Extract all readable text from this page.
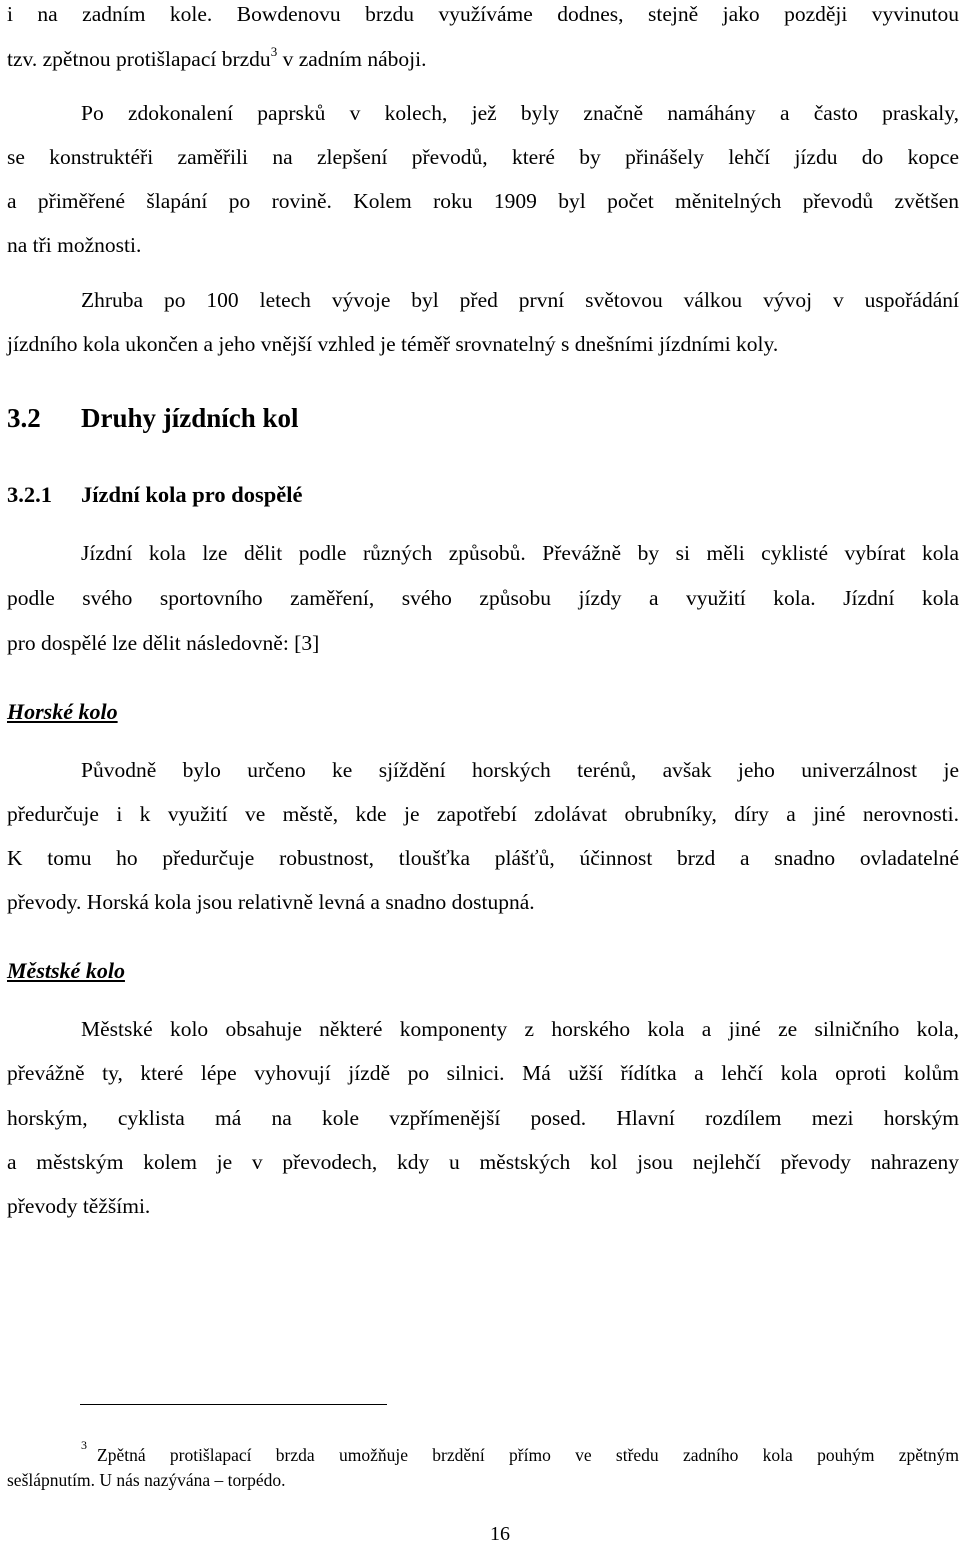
i na zadním kole. Bowdenovu brzdu využíváme dodnes, stejně jako později vyvinutou
tzv. zpětnou protišlapací brzdu$^3$ v zadním náboji.
Po zdokonalení paprsků v kolech, jež byly značně namáhány a často praskaly,
se konstruktéři zaměřili na zlepšení převodů, které by přinášely lehčí jízdu do kopce
a přiměřené šlapání po rovině. Kolem roku 1909 byl počet měnitelných převodů zvětšen
na tři možnosti.
Zhruba po 100 letech vývoje byl před první světovou válkou vývoj v uspořádání
jízdního kola ukončen a jeho vnější vzhled je téměř srovnatelný s dnešními jízdními koly.
3.2 Druhy jízdních kol
3.2.1 Jízdní kola pro dospělé
Jízdní kola lze dělit podle různých způsobů. Převážně by si měli cyklisté vybírat kola
podle svého sportovního zaměření, svého způsobu jízdy a využití kola. Jízdní kola
pro dospělé lze dělit následovně: [3]
Horské kolo
Původně bylo určeno ke sjíždění horských terénů, avšak jeho univerzálnost je
předurčuje i k využití ve městě, kde je zapotřebí zdolávat obrubníky, díry a jiné nerovnosti.
K tomu ho předurčuje robustnost, tloušťka plášťů, účinnost brzd a snadno ovladatelné
převody. Horská kola jsou relativně levná a snadno dostupná.
Městské kolo
Městské kolo obsahuje některé komponenty z horského kola a jiné ze silničního kola,
převážně ty, které lépe vyhovují jízdě po silnici. Má užší řídítka a lehčí kola oproti kolům
horským, cyklista má na kole vzpřímenější posed. Hlavní rozdílem mezi horským
a městským kolem je v převodech, kdy u městských kol jsou nejlehčí převody nahrazeny
převody těžšími.
3 Zpětná protišlapací brzda umožňuje brzdění přímo ve středu zadního kola pouhým zpětným
sešlápnutím. U nás nazývána – torpédo.
16
